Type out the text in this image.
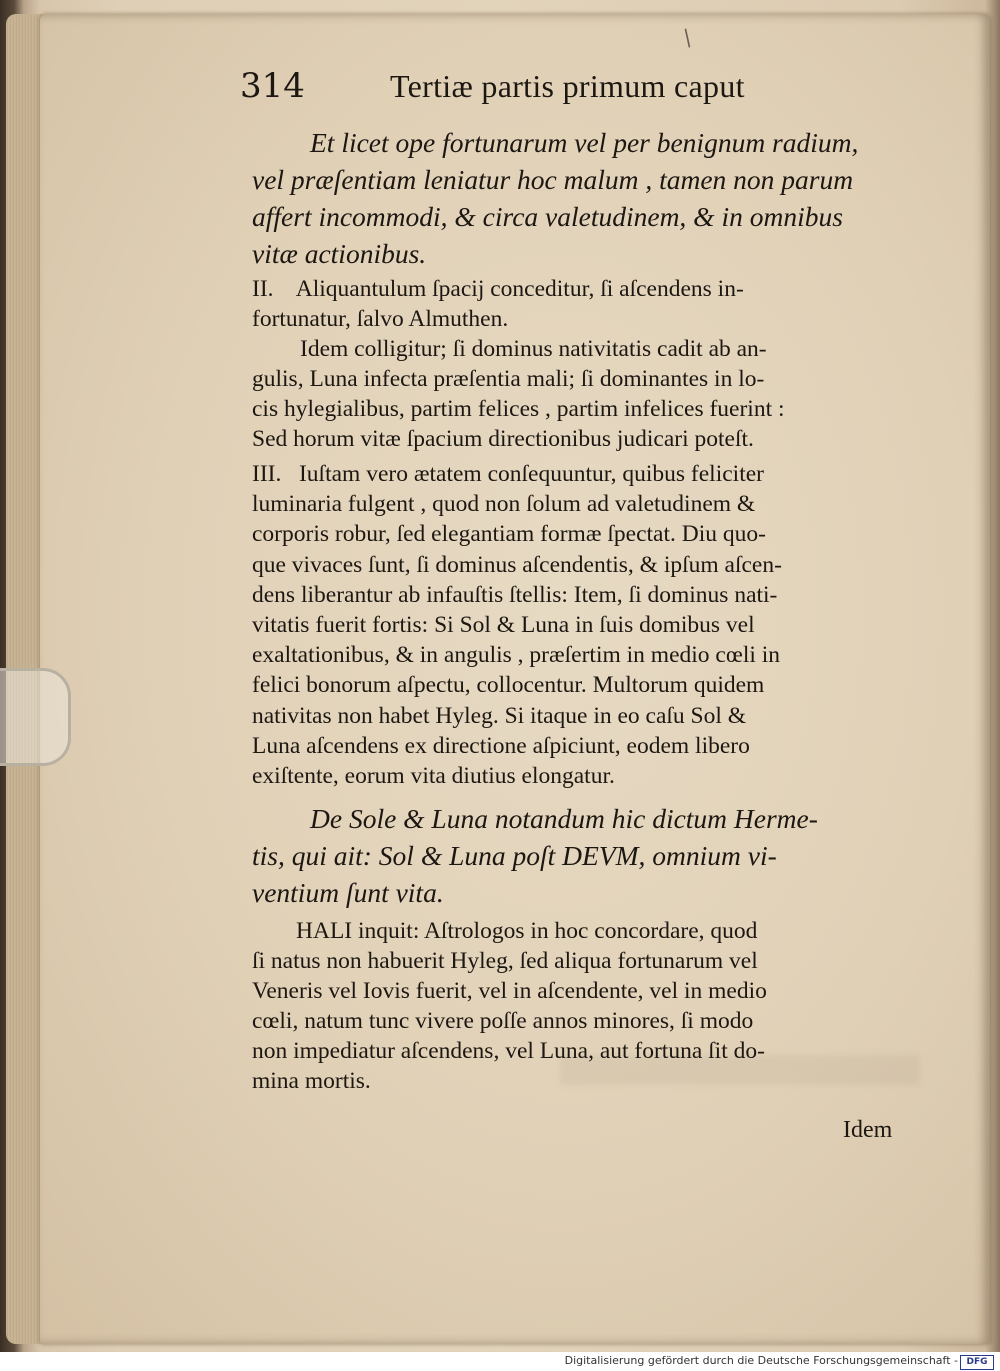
/
314	Tertiæ partis primum caput
Et licet ope fortunarum vel per benignum radium,
vel præſentiam leniatur hoc malum , tamen non parum
affert incommodi, & circa valetudinem, & in omnibus
vitæ actionibus.
II.    Aliquantulum ſpacij conceditur, ſi aſcendens in-
fortunatur, ſalvo Almuthen.
Idem colligitur; ſi dominus nativitatis cadit ab an-
gulis, Luna infecta præſentia mali; ſi dominantes in lo-
cis hylegialibus, partim felices , partim infelices fuerint :
Sed horum vitæ ſpacium directionibus judicari poteſt.
III.   Iuſtam vero ætatem conſequuntur, quibus feliciter
luminaria fulgent , quod non ſolum ad valetudinem &
corporis robur, ſed elegantiam formæ ſpectat. Diu quo-
que vivaces ſunt, ſi dominus aſcendentis, & ipſum aſcen-
dens liberantur ab infauſtis ſtellis: Item, ſi dominus nati-
vitatis fuerit fortis: Si Sol & Luna in ſuis domibus vel
exaltationibus, & in angulis , præſertim in medio cœli in
felici bonorum aſpectu, collocentur. Multorum quidem
nativitas non habet Hyleg. Si itaque in eo caſu Sol &
Luna aſcendens ex directione aſpiciunt, eodem libero
exiſtente, eorum vita diutius elongatur.
De Sole & Luna notandum hic dictum Herme-
tis, qui ait: Sol & Luna poſt DEVM, omnium vi-
ventium ſunt vita.
HALI inquit: Aſtrologos in hoc concordare, quod
ſi natus non habuerit Hyleg, ſed aliqua fortunarum vel
Veneris vel Iovis fuerit, vel in aſcendente, vel in medio
cœli, natum tunc vivere poſſe annos minores, ſi modo
non impediatur aſcendens, vel Luna, aut fortuna ſit do-
mina mortis.
Idem
Digitalisierung gefördert durch die Deutsche Forschungsgemeinschaft - DFG
